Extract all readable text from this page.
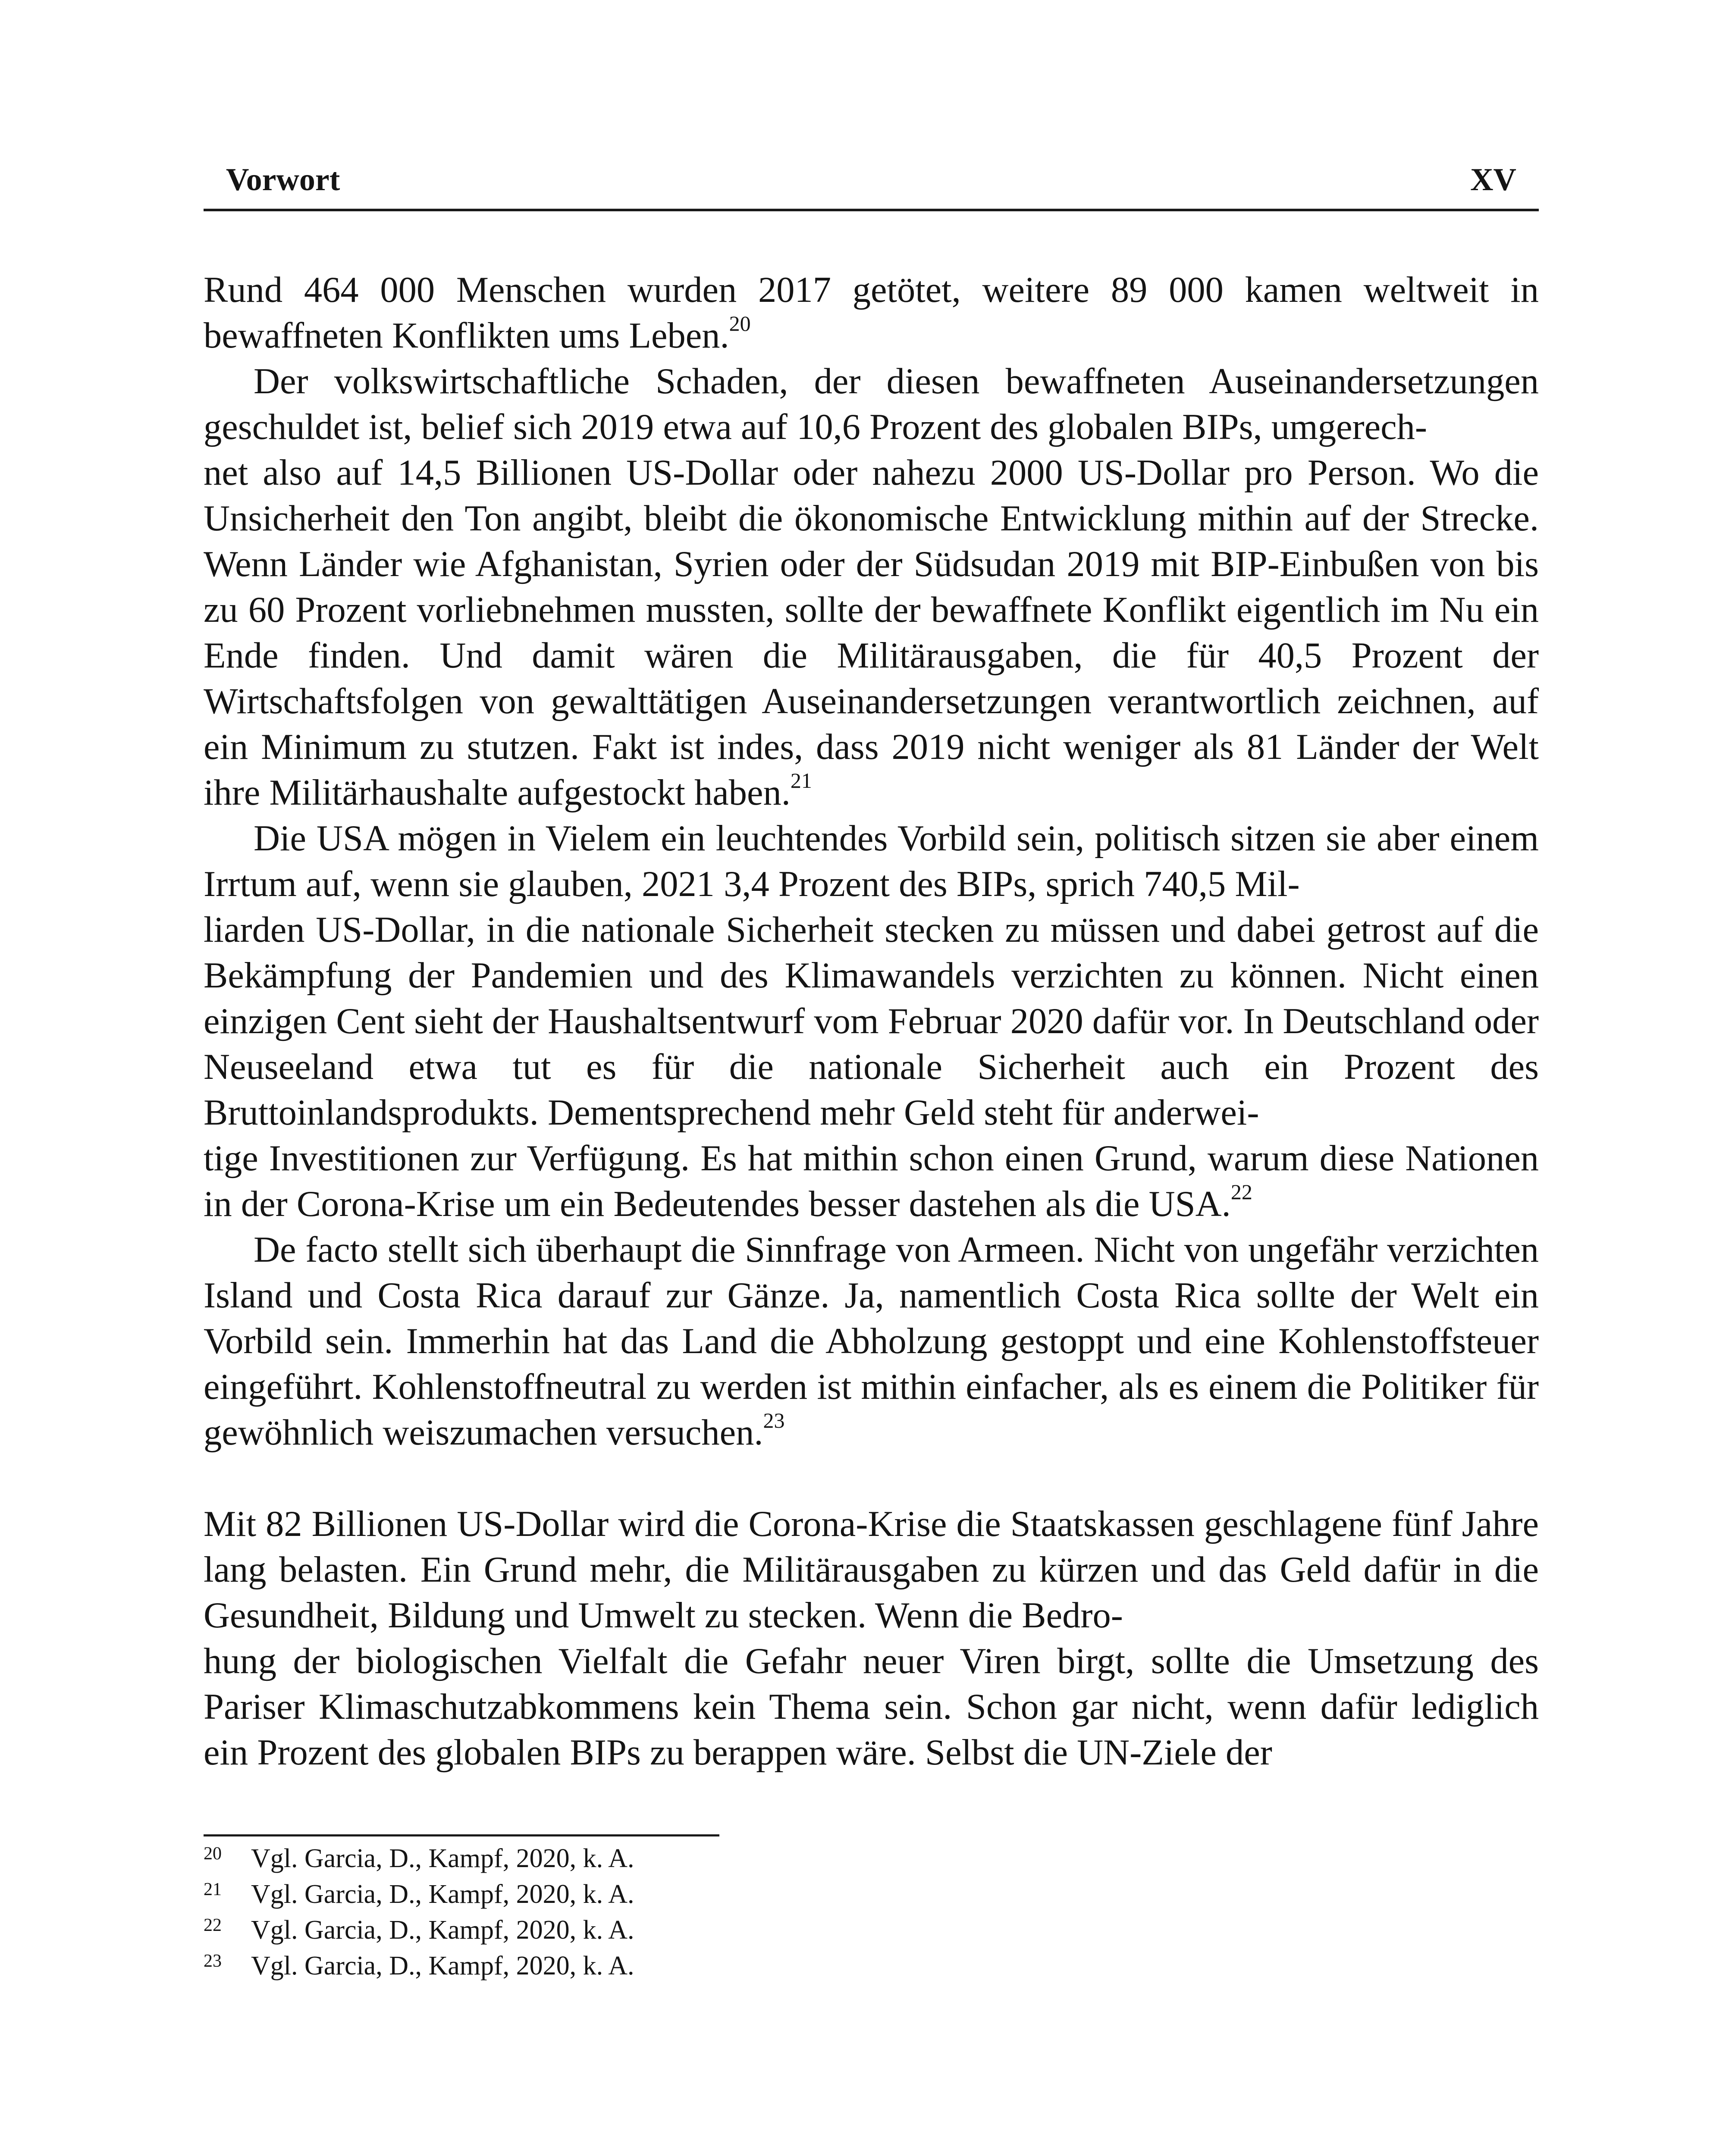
Vorwort	XV

Rund 464 000 Menschen wurden 2017 getötet, weitere 89 000 kamen weltweit in bewaffneten Konflikten ums Leben.$^{20}$

Der volkswirtschaftliche Schaden, der diesen bewaffneten Auseinandersetzungen geschuldet ist, belief sich 2019 etwa auf 10,6 Prozent des globalen BIPs, umgerech-
net also auf 14,5 Billionen US-Dollar oder nahezu 2000 US-Dollar pro Person. Wo die Unsicherheit den Ton angibt, bleibt die ökonomische Entwicklung mithin auf der Strecke. Wenn Länder wie Afghanistan, Syrien oder der Südsudan 2019 mit BIP-Einbußen von bis zu 60 Prozent vorliebnehmen mussten, sollte der bewaffnete Konflikt eigentlich im Nu ein Ende finden. Und damit wären die Militärausgaben, die für 40,5 Prozent der Wirtschaftsfolgen von gewalttätigen Auseinandersetzungen verantwortlich zeichnen, auf ein Minimum zu stutzen. Fakt ist indes, dass 2019 nicht weniger als 81 Länder der Welt ihre Militärhaushalte aufgestockt haben.$^{21}$

Die USA mögen in Vielem ein leuchtendes Vorbild sein, politisch sitzen sie aber einem Irrtum auf, wenn sie glauben, 2021 3,4 Prozent des BIPs, sprich 740,5 Mil-
liarden US-Dollar, in die nationale Sicherheit stecken zu müssen und dabei getrost auf die Bekämpfung der Pandemien und des Klimawandels verzichten zu können. Nicht einen einzigen Cent sieht der Haushaltsentwurf vom Februar 2020 dafür vor. In Deutschland oder Neuseeland etwa tut es für die nationale Sicherheit auch ein Prozent des Bruttoinlandsprodukts. Dementsprechend mehr Geld steht für anderwei-
tige Investitionen zur Verfügung. Es hat mithin schon einen Grund, warum diese Nationen in der Corona-Krise um ein Bedeutendes besser dastehen als die USA.$^{22}$

De facto stellt sich überhaupt die Sinnfrage von Armeen. Nicht von ungefähr verzichten Island und Costa Rica darauf zur Gänze. Ja, namentlich Costa Rica sollte der Welt ein Vorbild sein. Immerhin hat das Land die Abholzung gestoppt und eine Kohlenstoffsteuer eingeführt. Kohlenstoffneutral zu werden ist mithin einfacher, als es einem die Politiker für gewöhnlich weiszumachen versuchen.$^{23}$

Mit 82 Billionen US-Dollar wird die Corona-Krise die Staatskassen geschlagene fünf Jahre lang belasten. Ein Grund mehr, die Militärausgaben zu kürzen und das Geld dafür in die Gesundheit, Bildung und Umwelt zu stecken. Wenn die Bedro-
hung der biologischen Vielfalt die Gefahr neuer Viren birgt, sollte die Umsetzung des Pariser Klimaschutzabkommens kein Thema sein. Schon gar nicht, wenn dafür lediglich ein Prozent des globalen BIPs zu berappen wäre. Selbst die UN-Ziele der

20	Vgl. Garcia, D., Kampf, 2020, k. A.
21	Vgl. Garcia, D., Kampf, 2020, k. A.
22	Vgl. Garcia, D., Kampf, 2020, k. A.
23	Vgl. Garcia, D., Kampf, 2020, k. A.
